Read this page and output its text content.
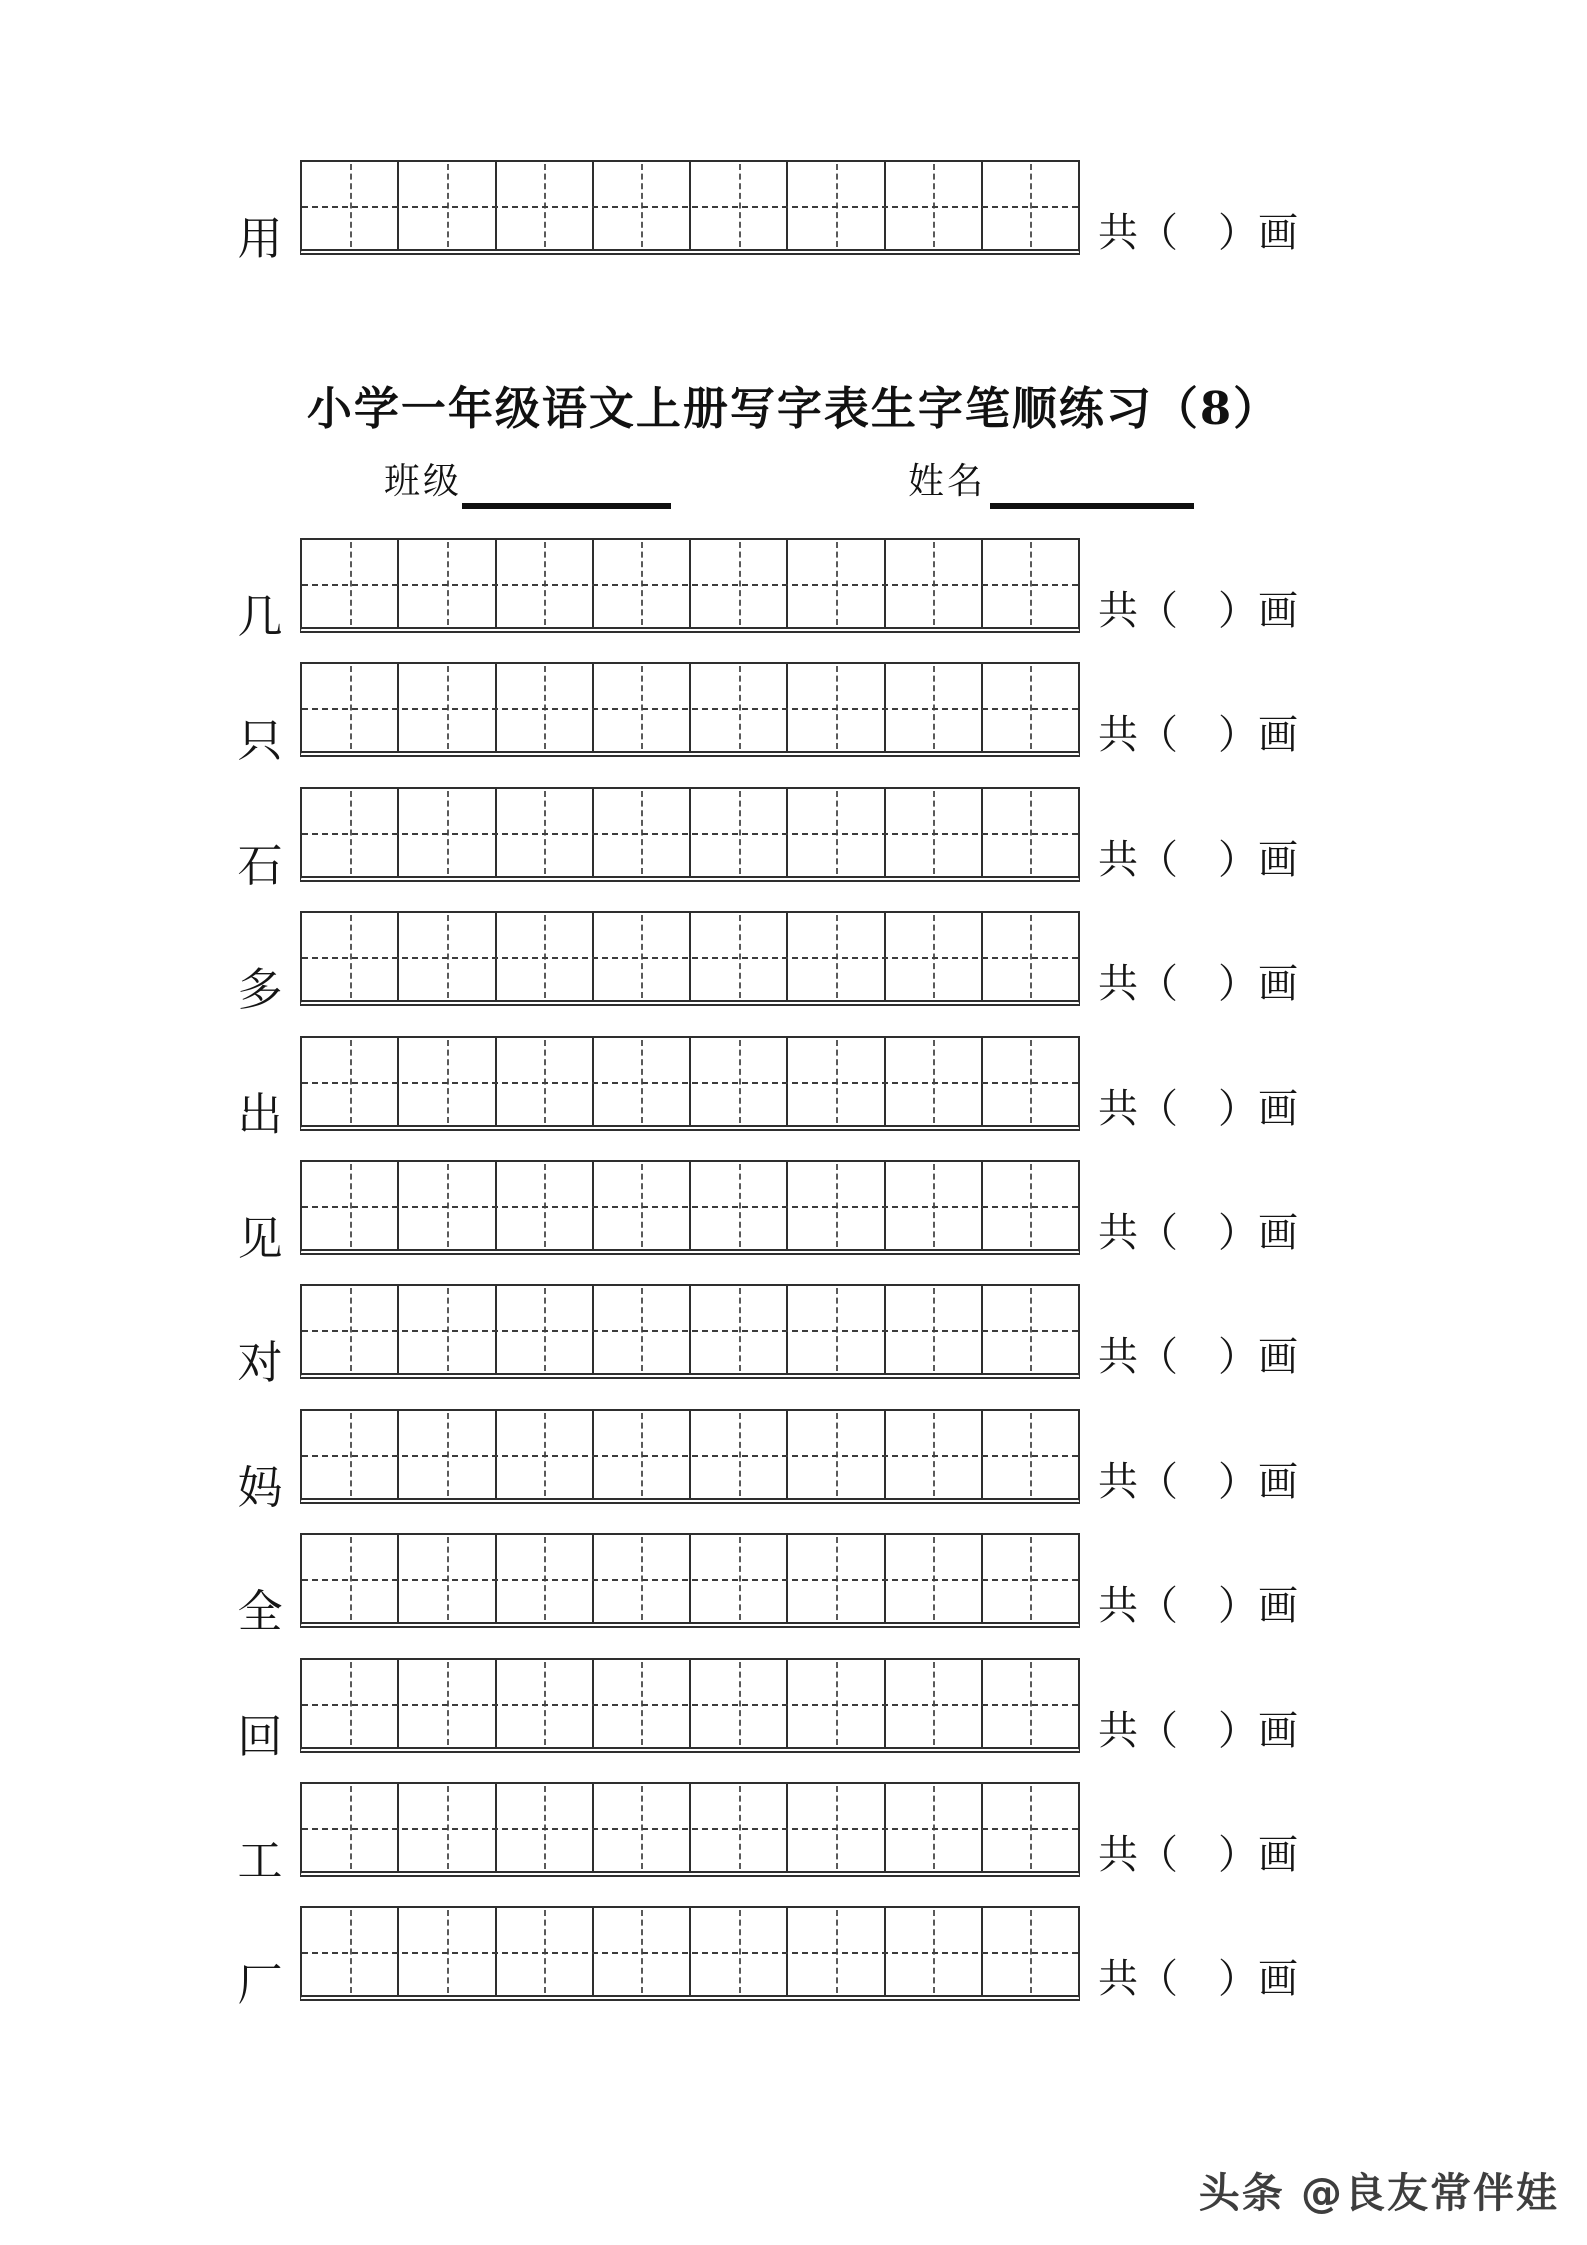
用	共（　）画
小学一年级语文上册写字表生字笔顺练习（8）
班级	姓名
几	共（　）画
只	共（　）画
石	共（　）画
多	共（　）画
出	共（　）画
见	共（　）画
对	共（　）画
妈	共（　）画
全	共（　）画
回	共（　）画
工	共（　）画
厂	共（　）画
头条 @良友常伴娃
